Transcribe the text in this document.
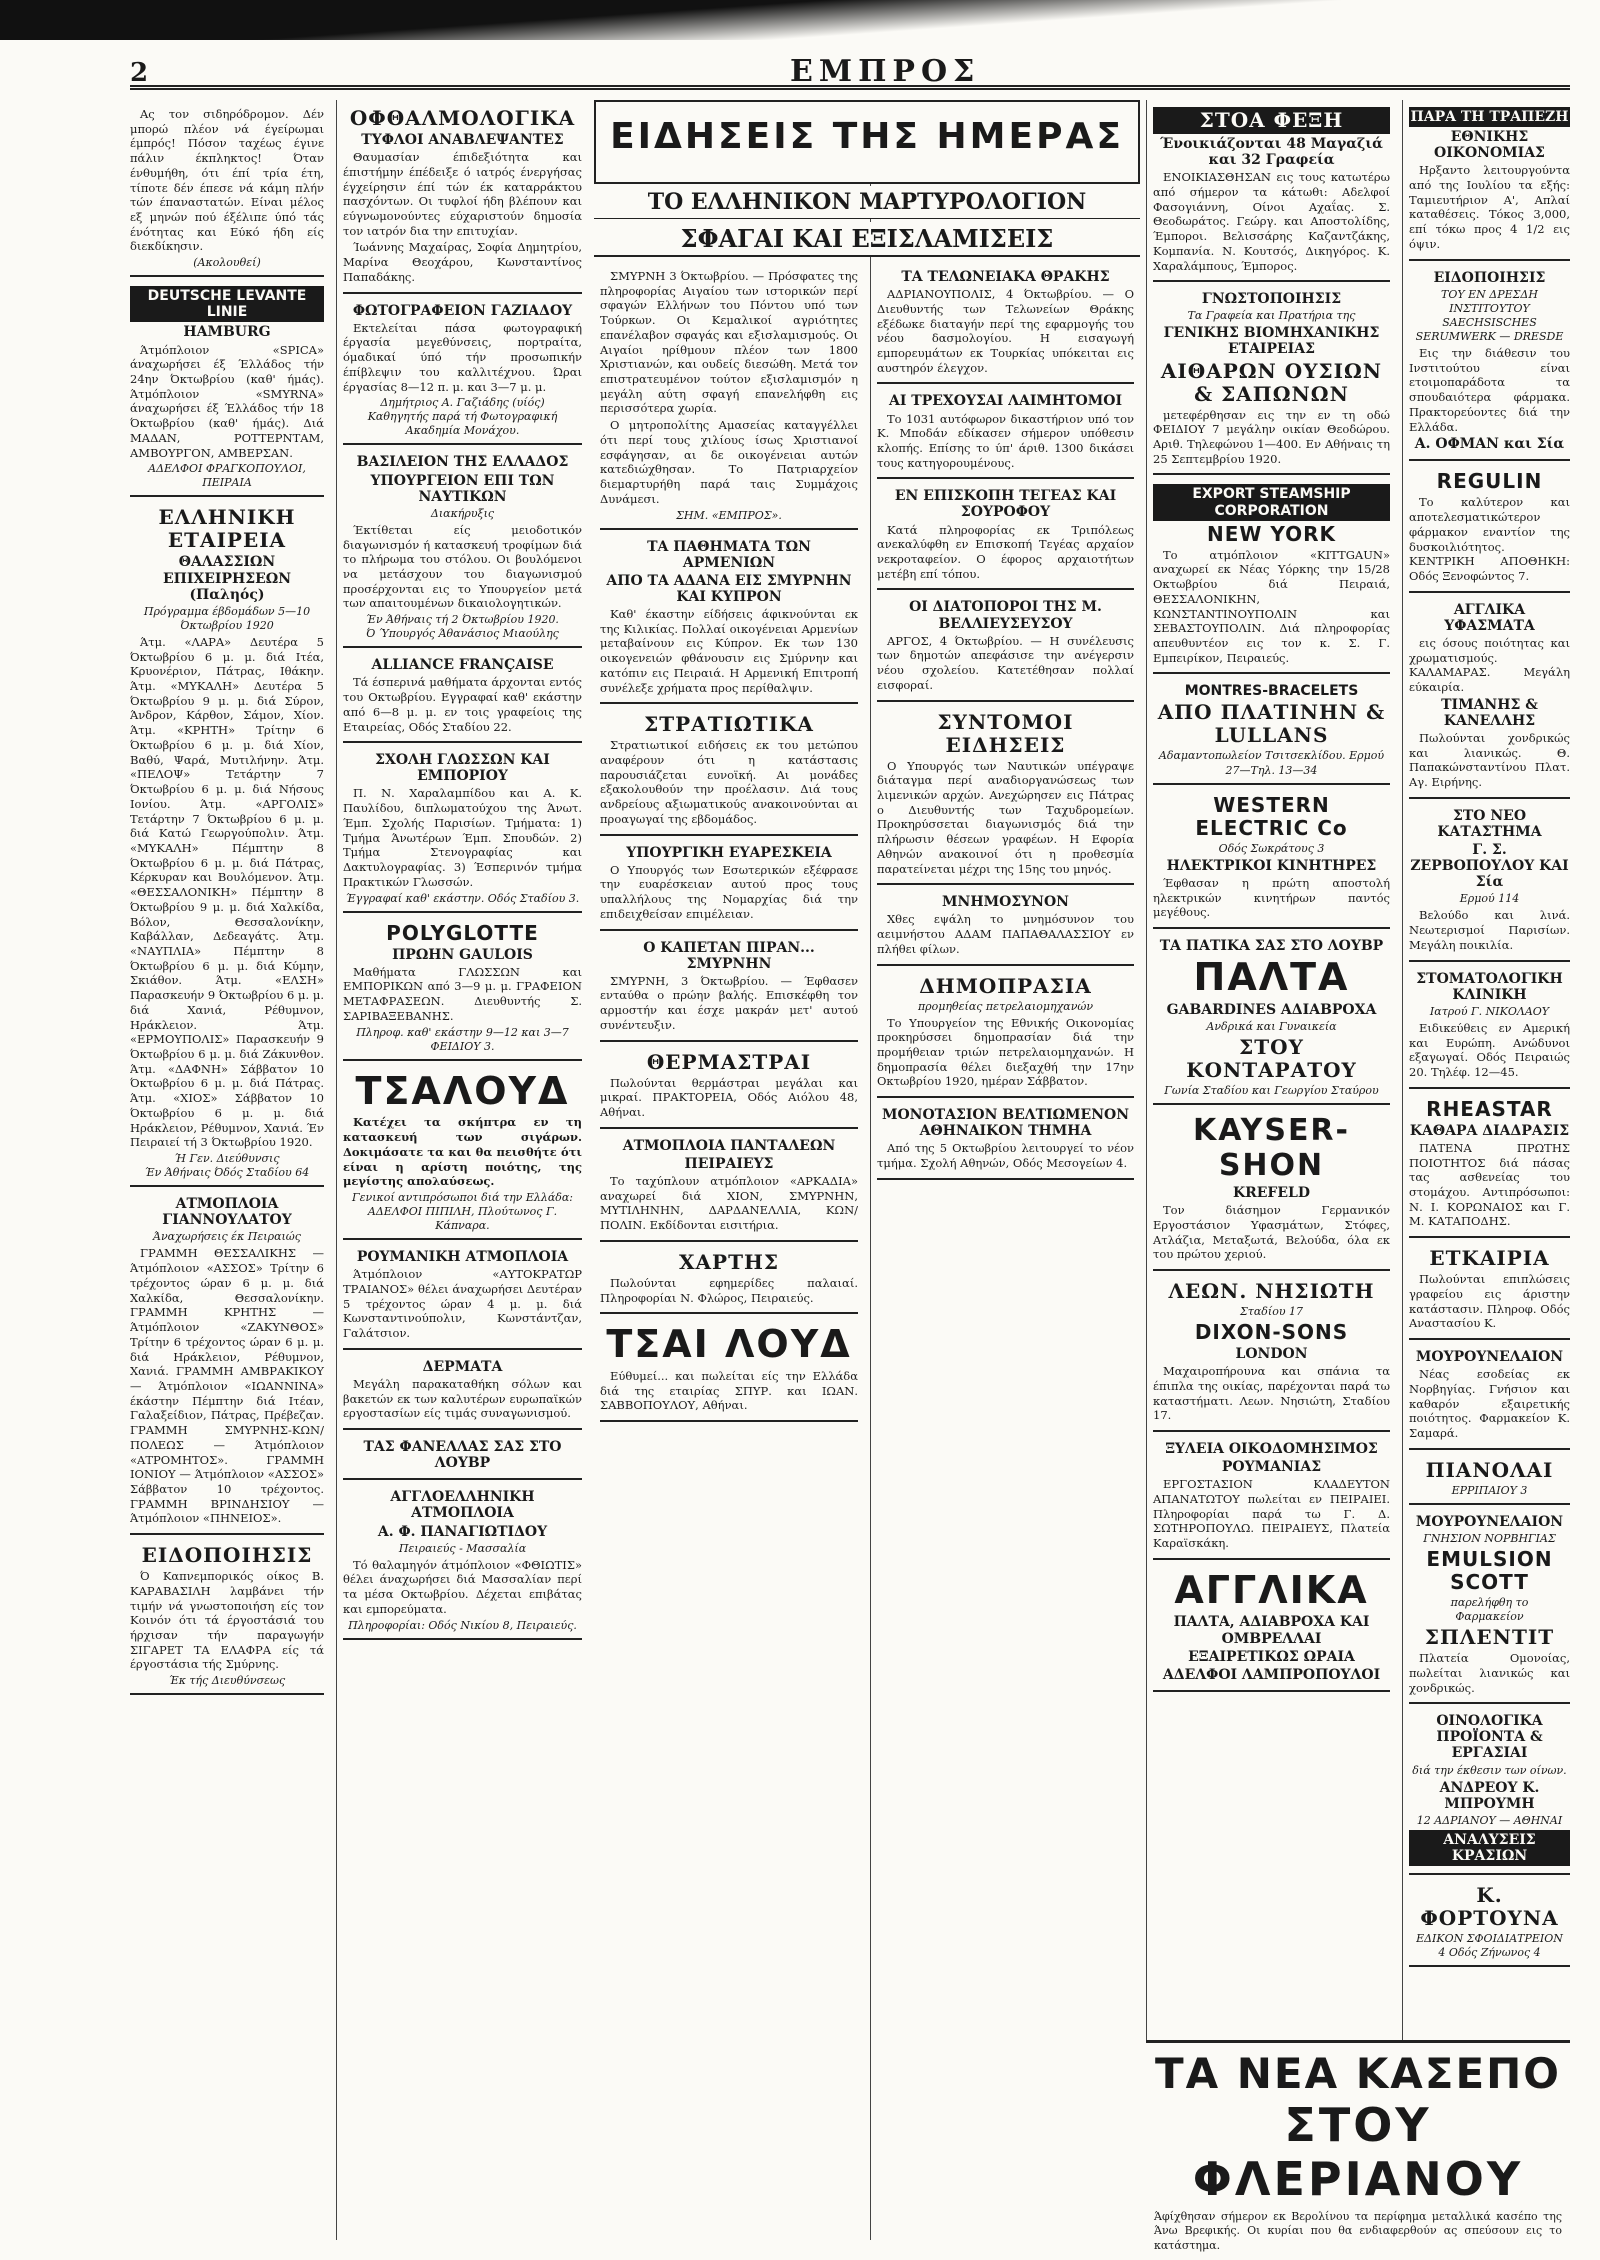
2	ΕΜΠΡΟΣ

Ας τον σιδηρόδρομον. Δέν μπορώ πλέον νά έγείρωμαι έμπρός! Πόσον ταχέως έγινε πάλιν έκπληκτος! Όταν ένθυμήθη, ότι έπί τρία έτη, τίποτε δέν έπεσε νά κάμη πλήν τών έπαναστατών. Είναι μέλος εξ μηνών πού έξέλιπε ύπό τάς ένότητας και Εύκό ήδη είς διεκδίκησιν.

(Ακολουθεί)
DEUTSCHE LEVANTE LINIE
HAMBURG

Άτμόπλοιον «SPICA» άναχωρήσει έξ Έλλάδος τήν 24ην Όκτωβρίου (καθ' ήμάς). Άτμόπλοιον «SMYRNA» άναχωρήσει έξ Έλλάδος τήν 18 Όκτωβρίου (καθ' ήμάς). Διά ΜΑΔΑΝ, ΡΟΤΤΕΡΝΤΑΜ, ΑΜΒΟΥΡΓΟΝ, ΑΜΒΕΡΣΑΝ.

ΑΔΕΛΦΟΙ ΦΡΑΓΚΟΠΟΥΛΟΙ, ΠΕΙΡΑΙΑ
ΕΛΛΗΝΙΚΗ ΕΤΑΙΡΕΙΑ
ΘΑΛΑΣΣΙΩΝ ΕΠΙΧΕΙΡΗΣΕΩΝ (Παληός)
Πρόγραμμα έβδομάδων 5—10 Όκτωβρίου 1920

Άτμ. «ΛΑΡΑ» Δευτέρα 5 Όκτωβρίου 6 μ. μ. διά Ιτέα, Κρυονέριον, Πάτρας, Ιθάκην. Άτμ. «ΜΥΚΑΛΗ» Δευτέρα 5 Όκτωβρίου 9 μ. μ. διά Σύρον, Άνδρον, Κάρθον, Σάμον, Χίον. Άτμ. «ΚΡΗΤΗ» Τρίτην 6 Όκτωβρίου 6 μ. μ. διά Χίον, Βαθύ, Ψαρά, Μυτιλήνην. Άτμ. «ΠΕΛΟΨ» Τετάρτην 7 Όκτωβρίου 6 μ. μ. διά Νήσους Ιονίου. Άτμ. «ΑΡΓΟΛΙΣ» Τετάρτην 7 Όκτωβρίου 6 μ. μ. διά Κατώ Γεωργούπολιν. Άτμ. «ΜΥΚΑΛΗ» Πέμπτην 8 Όκτωβρίου 6 μ. μ. διά Πάτρας, Κέρκυραν και Βουλόμενον. Άτμ. «ΘΕΣΣΑΛΟΝΙΚΗ» Πέμπτην 8 Όκτωβρίου 9 μ. μ. διά Χαλκίδα, Βόλον, Θεσσαλονίκην, Καβάλλαν, Δεδεαγάτς. Άτμ. «ΝΑΥΠΛΙΑ» Πέμπτην 8 Όκτωβρίου 6 μ. μ. διά Κύμην, Σκιάθον. Άτμ. «ΕΛΣΗ» Παρασκευήν 9 Όκτωβρίου 6 μ. μ. διά Χανιά, Ρέθυμνον, Ηράκλειον. Άτμ. «ΕΡΜΟΥΠΟΛΙΣ» Παρασκευήν 9 Όκτωβρίου 6 μ. μ. διά Ζάκυνθον. Άτμ. «ΔΑΦΝΗ» Σάββατον 10 Όκτωβρίου 6 μ. μ. διά Πάτρας. Άτμ. «ΧΙΟΣ» Σάββατον 10 Όκτωβρίου 6 μ. μ. διά Ηράκλειον, Ρέθυμνον, Χανιά. Έν Πειραιεί τή 3 Όκτωβρίου 1920.

Ή Γεν. Διεύθυνσις
Έν Άθήναις Όδός Σταδίου 64
ΑΤΜΟΠΛΟΙΑ ΓΙΑΝΝΟΥΛΑΤΟΥ
Άναχωρήσεις έκ Πειραιώς

ΓΡΑΜΜΗ ΘΕΣΣΑΛΙΚΗΣ — Άτμόπλοιον «ΑΣΣΟΣ» Τρίτην 6 τρέχοντος ώραν 6 μ. μ. διά Χαλκίδα, Θεσσαλονίκην. ΓΡΑΜΜΗ ΚΡΗΤΗΣ — Άτμόπλοιον «ΖΑΚΥΝΘΟΣ» Τρίτην 6 τρέχοντος ώραν 6 μ. μ. διά Ηράκλειον, Ρέθυμνον, Χανιά. ΓΡΑΜΜΗ ΑΜΒΡΑΚΙΚΟΥ — Άτμόπλοιον «ΙΩΑΝΝΙΝΑ» έκάστην Πέμπτην διά Ιτέαν, Γαλαξείδιον, Πάτρας, Πρέβεζαν. ΓΡΑΜΜΗ ΣΜΥΡΝΗΣ-ΚΩΝ/ΠΟΛΕΩΣ — Άτμόπλοιον «ΑΤΡΟΜΗΤΟΣ». ΓΡΑΜΜΗ ΙΟΝΙΟΥ — Άτμόπλοιον «ΑΣΣΟΣ» Σάββατον 10 τρέχοντος. ΓΡΑΜΜΗ ΒΡΙΝΔΗΣΙΟΥ — Άτμόπλοιον «ΠΗΝΕΙΟΣ».

ΕΙΔΟΠΟΙΗΣΙΣ

Ό Καπνεμπορικός οίκος Β. ΚΑΡΑΒΑΣΙΛΗ λαμβάνει τήν τιμήν νά γνωστοποιήση είς τον Κοινόν ότι τά έργοστάσιά του ήρχισαν τήν παραγωγήν ΣΙΓΑΡΕΤ ΤΑ ΕΛΑΦΡΑ είς τά έργοστάσια τής Σμύρνης.

Έκ τής Διευθύνσεως
ΟΦΘΑΛΜΟΛΟΓΙΚΑ
ΤΥΦΛΟΙ ΑΝΑΒΛΕΨΑΝΤΕΣ

Θαυμασίαν έπιδεξιότητα και έπιστήμην έπέδειξε ό ιατρός ένεργήσας έγχείρησιν έπί τών έκ καταρράκτου πασχόντων. Οι τυφλοί ήδη βλέπουν και εύγνωμονούντες εύχαριστούν δημοσία τον ιατρόν δια την επιτυχίαν.

Ίωάννης Μαχαίρας, Σοφία Δημητρίου, Μαρίνα Θεοχάρου, Κωνσταντίνος Παπαδάκης.

ΦΩΤΟΓΡΑΦΕΙΟΝ ΓΑΖΙΑΔΟΥ

Εκτελείται πάσα φωτογραφική έργασία μεγεθύνσεις, πορτραίτα, όμαδικαί ύπό τήν προσωπικήν έπίβλεψιν του καλλιτέχνου. Ώραι έργασίας 8—12 π. μ. και 3—7 μ. μ.

Δημήτριος Α. Γαζιάδης (υίός)
Καθηγητής παρά τή Φωτογραφική Ακαδημία Μονάχου.
ΒΑΣΙΛΕΙΟΝ ΤΗΣ ΕΛΛΑΔΟΣ
ΥΠΟΥΡΓΕΙΟΝ ΕΠΙ ΤΩΝ ΝΑΥΤΙΚΩΝ
Διακήρυξις

Έκτίθεται είς μειοδοτικόν διαγωνισμόν ή κατασκευή τροφίμων διά το πλήρωμα του στόλου. Οι βουλόμενοι να μετάσχουν του διαγωνισμού προσέρχονται εις το Υπουργείον μετά των απαιτουμένων δικαιολογητικών.

Έν Άθήναις τή 2 Όκτωβρίου 1920.
Ό Ύπουργός Άθανάσιος Μιαούλης
ALLIANCE FRANÇAISE

Τά έσπερινά μαθήματα άρχονται εντός του Οκτωβρίου. Εγγραφαί καθ' εκάστην από 6—8 μ. μ. εν τοις γραφείοις της Εταιρείας, Οδός Σταδίου 22.

ΣΧΟΛΗ ΓΛΩΣΣΩΝ ΚΑΙ ΕΜΠΟΡΙΟΥ

Π. Ν. Χαραλαμπίδου και Α. Κ. Παυλίδου, διπλωματούχου της Άνωτ. Έμπ. Σχολής Παρισίων. Τμήματα: 1) Τμήμα Άνωτέρων Έμπ. Σπουδών. 2) Τμήμα Στενογραφίας και Δακτυλογραφίας. 3) Έσπερινόν τμήμα Πρακτικών Γλωσσών.

Έγγραφαί καθ' εκάστην. Οδός Σταδίου 3.
POLYGLOTTE
ΠΡΩΗΝ GAULOIS

Μαθήματα ΓΛΩΣΣΩΝ και ΕΜΠΟΡΙΚΩΝ από 3—9 μ. μ. ΓΡΑΦΕΙΟΝ ΜΕΤΑΦΡΑΣΕΩΝ. Διευθυντής Σ. ΣΑΡΙΒΑΞΕΒΑΝΗΣ.

Πληροφ. καθ' εκάστην 9—12 και 3—7 ΦΕΙΔΙΟΥ 3.
ΤΣΑΛΟΥΔ

Κατέχει τα σκήπτρα εν τη κατασκευή των σιγάρων. Δοκιμάσατε τα και θα πεισθήτε ότι είναι η αρίστη ποιότης, της μεγίστης απολαύσεως.

Γενικοί αντιπρόσωποι διά την Ελλάδα: ΑΔΕΛΦΟΙ ΠΙΠΙΛΗ, Πλούτωνος Γ. Κάπναρα.
ΡΟΥΜΑΝΙΚΗ ΑΤΜΟΠΛΟΙΑ

Άτμόπλοιον «ΑΥΤΟΚΡΑΤΩΡ ΤΡΑΙΑΝΟΣ» θέλει άναχωρήσει Δευτέραν 5 τρέχοντος ώραν 4 μ. μ. διά Κωνσταντινούπολιν, Κωνστάντζαν, Γαλάτσιον.

ΔΕΡΜΑΤΑ

Μεγάλη παρακαταθήκη σόλων και βακετών εκ των καλυτέρων ευρωπαϊκών εργοστασίων είς τιμάς συναγωνισμού.

ΤΑΣ ΦΑΝΕΛΛΑΣ ΣΑΣ ΣΤΟ ΛΟΥΒΡ
ΑΓΓΛΟΕΛΛΗΝΙΚΗ ΑΤΜΟΠΛΟΙΑ
Α. Φ. ΠΑΝΑΓΙΩΤΙΔΟΥ
Πειραιεύς - Μασσαλία

Τό θαλαμηγόν άτμόπλοιον «ΦΘΙΩΤΙΣ» θέλει άναχωρήσει διά Μασσαλίαν περί τα μέσα Οκτωβρίου. Δέχεται επιβάτας και εμπορεύματα.

Πληροφορίαι: Οδός Νικίου 8, Πειραιεύς.
ΕΙΔΗΣΕΙΣ ΤΗΣ ΗΜΕΡΑΣ
ΤΟ ΕΛΛΗΝΙΚΟΝ ΜΑΡΤΥΡΟΛΟΓΙΟΝ
ΣΦΑΓΑΙ ΚΑΙ ΕΞΙΣΛΑΜΙΣΕΙΣ

ΣΜΥΡΝΗ 3 Όκτωβρίου. — Πρόσφατες της πληροφορίας Αιγαίου των ιστορικών περί σφαγών Ελλήνων του Πόντου υπό των Τούρκων. Οι Κεμαλικοί αγριότητες επανέλαβον σφαγάς και εξισλαμισμούς. Οι Αιγαίοι ηρίθμουν πλέον των 1800 Χριστιανών, και ουδείς διεσώθη. Μετά τον επιστρατευμένον τούτον εξισλαμισμόν η μεγάλη αύτη σφαγή επανελήφθη εις περισσότερα χωρία.

Ο μητροπολίτης Αμασείας καταγγέλλει ότι περί τους χιλίους ίσως Χριστιανοί εσφάγησαν, αι δε οικογένειαι αυτών κατεδιώχθησαν. Το Πατριαρχείον διεμαρτυρήθη παρά ταις Συμμάχοις Δυνάμεσι.

ΣΗΜ. «ΕΜΠΡΟΣ».
ΤΑ ΠΑΘΗΜΑΤΑ ΤΩΝ ΑΡΜΕΝΙΩΝ
ΑΠΟ ΤΑ ΑΔΑΝΑ ΕΙΣ ΣΜΥΡΝΗΝ ΚΑΙ ΚΥΠΡΟΝ

Καθ' έκαστην είδήσεις άφικνούνται εκ της Κιλικίας. Πολλαί οικογένειαι Αρμενίων μεταβαίνουν εις Κύπρον. Εκ των 130 οικογενειών φθάνουσιν εις Σμύρνην και κατόπιν εις Πειραιά. Η Αρμενική Επιτροπή συνέλεξε χρήματα προς περίθαλψιν.

ΣΤΡΑΤΙΩΤΙΚΑ

Στρατιωτικοί ειδήσεις εκ του μετώπου αναφέρουν ότι η κατάστασις παρουσιάζεται ευνοϊκή. Αι μονάδες εξακολουθούν την προέλασιν. Διά τους ανδρείους αξιωματικούς ανακοινούνται αι προαγωγαί της εβδομάδος.

ΥΠΟΥΡΓΙΚΗ ΕΥΑΡΕΣΚΕΙΑ

Ο Υπουργός των Εσωτερικών εξέφρασε την ευαρέσκειαν αυτού προς τους υπαλλήλους της Νομαρχίας διά την επιδειχθείσαν επιμέλειαν.

Ο ΚΑΠΕΤΑΝ ΠΙΡΑΝ... ΣΜΥΡΝΗΝ

ΣΜΥΡΝΗ, 3 Όκτωβρίου. — Έφθασεν ενταύθα ο πρώην βαλής. Επισκέφθη τον αρμοστήν και έσχε μακράν μετ' αυτού συνέντευξιν.

ΘΕΡΜΑΣΤΡΑΙ

Πωλούνται θερμάστραι μεγάλαι και μικραί. ΠΡΑΚΤΟΡΕΙΑ, Οδός Αιόλου 48, Αθήναι.

ΑΤΜΟΠΛΟΙΑ ΠΑΝΤΑΛΕΩΝ
ΠΕΙΡΑΙΕΥΣ

Το ταχύπλουν ατμόπλοιον «ΑΡΚΑΔΙΑ» αναχωρεί διά ΧΙΟΝ, ΣΜΥΡΝΗΝ, ΜΥΤΙΛΗΝΗΝ, ΔΑΡΔΑΝΕΛΛΙΑ, ΚΩΝ/ΠΟΛΙΝ. Εκδίδονται εισιτήρια.

ΧΑΡΤΗΣ

Πωλούνται εφημερίδες παλαιαί. Πληροφορίαι Ν. Φλώρος, Πειραιεύς.

ΤΣΑΙ ΛΟΥΔ

Εύθυμεί... και πωλείται είς την Ελλάδα διά της εταιρίας ΣΠΥΡ. και ΙΩΑΝ. ΣΑΒΒΟΠΟΥΛΟΥ, Αθήναι.

ΤΑ ΤΕΛΩΝΕΙΑΚΑ ΘΡΑΚΗΣ

ΑΔΡΙΑΝΟΥΠΟΛΙΣ, 4 Όκτωβρίου. — Ο Διευθυντής των Τελωνείων Θράκης εξέδωκε διαταγήν περί της εφαρμογής του νέου δασμολογίου. Η εισαγωγή εμπορευμάτων εκ Τουρκίας υπόκειται εις αυστηρόν έλεγχον.

ΑΙ ΤΡΕΧΟΥΣΑΙ ΛΑΙΜΗΤΟΜΟΙ

Το 1031 αυτόφωρον δικαστήριον υπό τον Κ. Μποδάν εδίκασεν σήμερον υπόθεσιν κλοπής. Επίσης το ύπ' άριθ. 1300 δικάσει τους κατηγορουμένους.

ΕΝ ΕΠΙΣΚΟΠΗ ΤΕΓΕΑΣ ΚΑΙ ΣΟΥΡΟΦΟΥ

Κατά πληροφορίας εκ Τριπόλεως ανεκαλύφθη εν Επισκοπή Τεγέας αρχαίον νεκροταφείον. Ο έφορος αρχαιοτήτων μετέβη επί τόπου.

ΟΙ ΔΙΑΤΟΠΟΡΟΙ ΤΗΣ Μ. ΒΕΛΛΙΕΥΣΕΥΣΟΥ

ΑΡΓΟΣ, 4 Όκτωβρίου. — Η συνέλευσις των δημοτών απεφάσισε την ανέγερσιν νέου σχολείου. Κατετέθησαν πολλαί εισφοραί.

ΣΥΝΤΟΜΟΙ ΕΙΔΗΣΕΙΣ

Ο Υπουργός των Ναυτικών υπέγραψε διάταγμα περί αναδιοργανώσεως των λιμενικών αρχών. Ανεχώρησεν εις Πάτρας ο Διευθυντής των Ταχυδρομείων. Προκηρύσσεται διαγωνισμός διά την πλήρωσιν θέσεων γραφέων. Η Εφορία Αθηνών ανακοινοί ότι η προθεσμία παρατείνεται μέχρι της 15ης του μηνός.

ΜΝΗΜΟΣΥΝΟΝ

Χθες εψάλη το μνημόσυνον του αειμνήστου ΑΔΑΜ ΠΑΠΑΘΑΛΑΣΣΙΟΥ εν πλήθει φίλων.

ΔΗΜΟΠΡΑΣΙΑ
προμηθείας πετρελαιομηχανών

Το Υπουργείον της Εθνικής Οικονομίας προκηρύσσει δημοπρασίαν διά την προμήθειαν τριών πετρελαιομηχανών. Η δημοπρασία θέλει διεξαχθή την 17ην Οκτωβρίου 1920, ημέραν Σάββατον.

ΜΟΝΟΤΑΣΙΟΝ ΒΕΛΤΙΩΜΕΝΟΝ ΑΘΗΝΑΙΚΟΝ ΤΗΜΗΑ

Από της 5 Οκτωβρίου λειτουργεί το νέον τμήμα. Σχολή Αθηνών, Οδός Μεσογείων 4.

ΣΤΟΑ ΦΕΞΗ
Ένοικιάζονται 48 Μαγαζιά και 32 Γραφεία

ΕΝΟΙΚΙΑΣΘΗΣΑΝ εις τους κατωτέρω από σήμερον τα κάτωθι: Αδελφοί Φασογιάννη, Οίνοι Αχαΐας. Σ. Θεοδωράτος. Γεώργ. και Αποστολίδης, Έμποροι. Βελισσάρης Καζαντζάκης, Κομπανία. Ν. Κουτσός, Δικηγόρος. Κ. Χαραλάμπους, Έμπορος.

ΓΝΩΣΤΟΠΟΙΗΣΙΣ
Τα Γραφεία και Πρατήρια της
ΓΕΝΙΚΗΣ ΒΙΟΜΗΧΑΝΙΚΗΣ ΕΤΑΙΡΕΙΑΣ
ΑΙΘΑΡΩΝ ΟΥΣΙΩΝ & ΣΑΠΩΝΩΝ

μετεφέρθησαν εις την εν τη οδώ ΦΕΙΔΙΟΥ 7 μεγάλην οικίαν Θεοδώρου. Αριθ. Τηλεφώνου 1—400. Εν Αθήναις τη 25 Σεπτεμβρίου 1920.

EXPORT STEAMSHIP CORPORATION
NEW YORK

Το ατμόπλοιον «KITTGAUN» αναχωρεί εκ Νέας Υόρκης την 15/28 Οκτωβρίου διά Πειραιά, ΘΕΣΣΑΛΟΝΙΚΗΝ, ΚΩΝΣΤΑΝΤΙΝΟΥΠΟΛΙΝ και ΣΕΒΑΣΤΟΥΠΟΛΙΝ. Διά πληροφορίας απευθυντέον εις τον κ. Σ. Γ. Εμπειρίκον, Πειραιεύς.

MONTRES-BRACELETS
ΑΠΟ ΠΛΑΤΙΝΗΝ & LULLANS
Αδαμαντοπωλείον Τσιτσεκλίδου. Ερμού 27—Τηλ. 13—34
WESTERN ELECTRIC Co
Οδός Σωκράτους 3
ΗΛΕΚΤΡΙΚΟΙ ΚΙΝΗΤΗΡΕΣ

Έφθασαν η πρώτη αποστολή ηλεκτρικών κινητήρων παντός μεγέθους.

ΤΑ ΠΑΤΙΚΑ ΣΑΣ ΣΤΟ ΛΟΥΒΡ
ΠΑΛΤΑ
GABARDINES ΑΔΙΑΒΡΟΧΑ
Ανδρικά και Γυναικεία
ΣΤΟΥ ΚΟΝΤΑΡΑΤΟΥ
Γωνία Σταδίου και Γεωργίου Σταύρου
KAYSER-SHON
KREFELD

Τον διάσημον Γερμανικόν Εργοστάσιον Υφασμάτων, Στόφες, Ατλάζια, Μεταξωτά, Βελούδα, όλα εκ του πρώτου χεριού.

ΛΕΩΝ. ΝΗΣΙΩΤΗ
Σταδίου 17
DIXON-SONS
LONDON

Μαχαιροπήρουνα και σπάνια τα έπιπλα της οικίας, παρέχονται παρά τω καταστήματι. Λεων. Νησιώτη, Σταδίου 17.

ΞΥΛΕΙΑ ΟΙΚΟΔΟΜΗΣΙΜΟΣ
ΡΟΥΜΑΝΙΑΣ

ΕΡΓΟΣΤΑΣΙΟΝ ΚΛΑΔΕΥΤΟΝ ΑΠΑΝΑΤΩΤΟΥ πωλείται εν ΠΕΙΡΑΙΕΙ. Πληροφορίαι παρά τω Γ. Δ. ΣΩΤΗΡΟΠΟΥΛΩ. ΠΕΙΡΑΙΕΥΣ, Πλατεία Καραϊσκάκη.

ΑΓΓΛΙΚΑ
ΠΑΛΤΑ, ΑΔΙΑΒΡΟΧΑ ΚΑΙ ΟΜΒΡΕΛΛΑΙ
ΕΞΑΙΡΕΤΙΚΩΣ ΩΡΑΙΑ
ΑΔΕΛΦΟΙ ΛΑΜΠΡΟΠΟΥΛΟΙ
ΠΑΡΑ ΤΗ ΤΡΑΠΕΖΗ
ΕΘΝΙΚΗΣ ΟΙΚΟΝΟΜΙΑΣ

Ηρξαντο λειτουργούντα από της Ιουλίου τα εξής: Ταμιευτήριον Α', Απλαί καταθέσεις. Τόκος 3,000, επί τόκω προς 4 1/2 εις όψιν.

ΕΙΔΟΠΟΙΗΣΙΣ
ΤΟΥ ΕΝ ΔΡΕΣΔΗ ΙΝΣΤΙΤΟΥΤΟΥ SAECHSISCHES SERUMWERK — DRESDE

Εις την διάθεσιν του Ινστιτούτου είναι ετοιμοπαράδοτα τα σπουδαιότερα φάρμακα. Πρακτορεύοντες διά την Ελλάδα.

Α. ΟΦΜΑΝ και Σία
REGULIN

Το καλύτερον και αποτελεσματικώτερον φάρμακον εναντίον της δυσκοιλιότητος. ΚΕΝΤΡΙΚΗ ΑΠΟΘΗΚΗ: Οδός Ξενοφώντος 7.

ΑΓΓΛΙΚΑ ΥΦΑΣΜΑΤΑ

εις όσους ποιότητας και χρωματισμούς. ΚΑΛΑΜΑΡΑΣ. Μεγάλη εύκαιρία.

ΤΙΜΑΝΗΣ & ΚΑΝΕΛΛΗΣ

Πωλούνται χονδρικώς και λιανικώς. Θ. Παπακώνσταντίνου Πλατ. Αγ. Ειρήνης.

ΣΤΟ ΝΕΟ ΚΑΤΑΣΤΗΜΑ
Γ. Σ. ΖΕΡΒΟΠΟΥΛΟΥ ΚΑΙ Σία
Ερμού 114

Βελούδο και λινά. Νεωτερισμοί Παρισίων. Μεγάλη ποικιλία.

ΣΤΟΜΑΤΟΛΟΓΙΚΗ ΚΛΙΝΙΚΗ
Ιατρού Γ. ΝΙΚΟΛΑΟΥ

Ειδικεύθεις εν Αμερική και Ευρώπη. Ανώδυνοι εξαγωγαί. Οδός Πειραιώς 20. Τηλέφ. 12—45.

RHEASTAR
ΚΑΘΑΡΑ ΔΙΑΔΡΑΣΙΣ

ΠΑΤΕΝΑ ΠΡΩΤΗΣ ΠΟΙΟΤΗΤΟΣ διά πάσας τας ασθενείας του στομάχου. Αντιπρόσωποι: Ν. Ι. ΚΟΡΩΝΑΙΟΣ και Γ. Μ. ΚΑΤΑΠΟΔΗΣ.

ΕΤΚΑΙΡΙΑ

Πωλούνται επιπλώσεις γραφείου εις άριστην κατάστασιν. Πληροφ. Οδός Αναστασίου Κ.

ΜΟΥΡΟΥΝΕΛΑΙΟΝ

Νέας εσοδείας εκ Νορβηγίας. Γνήσιον και καθαρόν εξαιρετικής ποιότητος. Φαρμακείον Κ. Σαμαρά.

ΠΙΑΝΟΛΑΙ
ΕΡΡΙΠΑΙΟΥ 3
ΜΟΥΡΟΥΝΕΛΑΙΟΝ
ΓΝΗΣΙΟΝ ΝΟΡΒΗΓΙΑΣ
EMULSION SCOTT
παρελήφθη το
Φαρμακείον
ΣΠΛΕΝΤΙΤ

Πλατεία Ομονοίας, πωλείται λιανικώς και χονδρικώς.

ΟΙΝΟΛΟΓΙΚΑ ΠΡΟΪΟΝΤΑ & ΕΡΓΑΣΙΑΙ
διά την έκθεσιν των οίνων.
ΑΝΔΡΕΟΥ Κ. ΜΠΡΟΥΜΗ
12 ΑΔΡΙΑΝΟΥ — ΑΘΗΝΑΙ
ΑΝΑΛΥΣΕΙΣ ΚΡΑΣΙΩΝ
Κ. ΦΟΡΤΟΥΝΑ
ΕΔΙΚΟΝ ΣΦΟΙΔΙΑΤΡΕΙΟΝ
4 Οδός Ζήνωνος 4
ΤΑ ΝΕΑ ΚΑΣΕΠΟ
ΣΤΟΥ ΦΛΕΡΙΑΝΟΥ
Άφίχθησαν σήμερον εκ Βερολίνου τα περίφημα μεταλλικά κασέπο της Άνω Βρεφικής. Οι κυρίαι που θα ενδιαφερθούν ας σπεύσουν εις το κατάστημα.
